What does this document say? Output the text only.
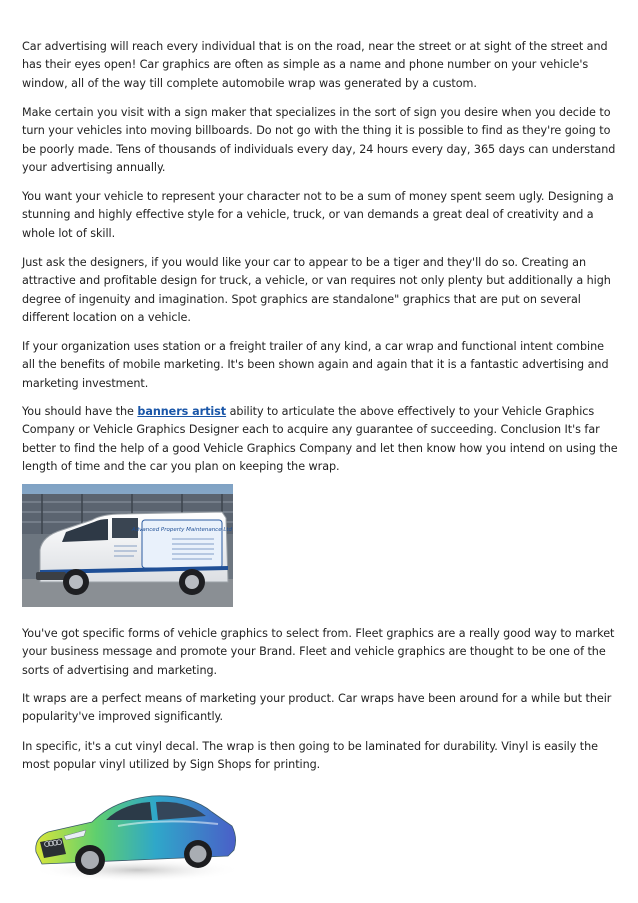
Car advertising will reach every individual that is on the road, near the street or at sight of the street and has their eyes open! Car graphics are often as simple as a name and phone number on your vehicle's window, all of the way till complete automobile wrap was generated by a custom.

Make certain you visit with a sign maker that specializes in the sort of sign you desire when you decide to turn your vehicles into moving billboards. Do not go with the thing it is possible to find as they're going to be poorly made. Tens of thousands of individuals every day, 24 hours every day, 365 days can understand your advertising annually.

You want your vehicle to represent your character not to be a sum of money spent seem ugly. Designing a stunning and highly effective style for a vehicle, truck, or van demands a great deal of creativity and a whole lot of skill.

Just ask the designers, if you would like your car to appear to be a tiger and they'll do so. Creating an attractive and profitable design for truck, a vehicle, or van requires not only plenty but additionally a high degree of ingenuity and imagination. Spot graphics are standalone" graphics that are put on several different location on a vehicle.

If your organization uses station or a freight trailer of any kind, a car wrap and functional intent combine all the benefits of mobile marketing. It's been shown again and again that it is a fantastic advertising and marketing investment.

You should have the banners artist ability to articulate the above effectively to your Vehicle Graphics Company or Vehicle Graphics Designer each to acquire any guarantee of succeeding. Conclusion It's far better to find the help of a good Vehicle Graphics Company and let then know how you intend on using the length of time and the car you plan on keeping the wrap.

Advanced Property Maintenance Ltd

You've got specific forms of vehicle graphics to select from. Fleet graphics are a really good way to market your business message and promote your Brand. Fleet and vehicle graphics are thought to be one of the sorts of advertising and marketing.

It wraps are a perfect means of marketing your product. Car wraps have been around for a while but their popularity've improved significantly.

In specific, it's a cut vinyl decal. The wrap is then going to be laminated for durability. Vinyl is easily the most popular vinyl utilized by Sign Shops for printing.
